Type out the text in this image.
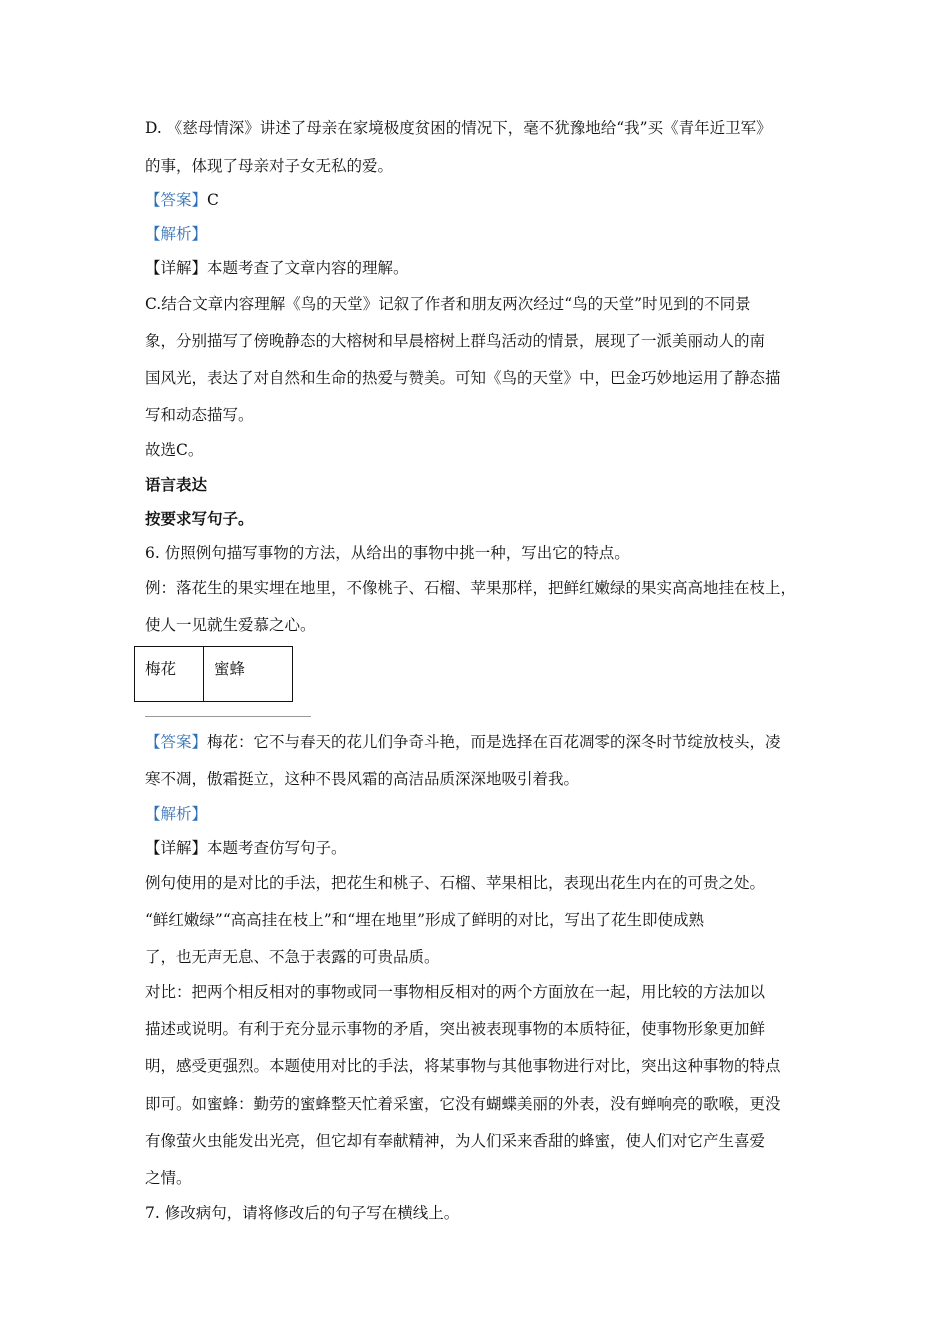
D. 《慈母情深》讲述了母亲在家境极度贫困的情况下，毫不犹豫地给“我”买《青年近卫军》
的事，体现了母亲对子女无私的爱。
【答案】C
【解析】
【详解】本题考查了文章内容的理解。
C.结合文章内容理解《鸟的天堂》记叙了作者和朋友两次经过“鸟的天堂”时见到的不同景
象，分别描写了傍晚静态的大榕树和早晨榕树上群鸟活动的情景，展现了一派美丽动人的南
国风光，表达了对自然和生命的热爱与赞美。可知《鸟的天堂》中，巴金巧妙地运用了静态描
写和动态描写。
故选C。
语言表达
按要求写句子。
6. 仿照例句描写事物的方法，从给出的事物中挑一种，写出它的特点。
例：落花生的果实埋在地里，不像桃子、石榴、苹果那样，把鲜红嫩绿的果实高高地挂在枝上，
使人一见就生爱慕之心。
梅花	蜜蜂
【答案】梅花：它不与春天的花儿们争奇斗艳，而是选择在百花凋零的深冬时节绽放枝头，凌
寒不凋，傲霜挺立，这种不畏风霜的高洁品质深深地吸引着我。
【解析】
【详解】本题考查仿写句子。
例句使用的是对比的手法，把花生和桃子、石榴、苹果相比，表现出花生内在的可贵之处。
“鲜红嫩绿”“高高挂在枝上”和“埋在地里”形成了鲜明的对比，写出了花生即使成熟
了，也无声无息、不急于表露的可贵品质。
对比：把两个相反相对的事物或同一事物相反相对的两个方面放在一起，用比较的方法加以
描述或说明。有利于充分显示事物的矛盾，突出被表现事物的本质特征，使事物形象更加鲜
明，感受更强烈。本题使用对比的手法，将某事物与其他事物进行对比，突出这种事物的特点
即可。如蜜蜂：勤劳的蜜蜂整天忙着采蜜，它没有蝴蝶美丽的外表，没有蝉响亮的歌喉，更没
有像萤火虫能发出光亮，但它却有奉献精神，为人们采来香甜的蜂蜜，使人们对它产生喜爱
之情。
7. 修改病句，请将修改后的句子写在横线上。
